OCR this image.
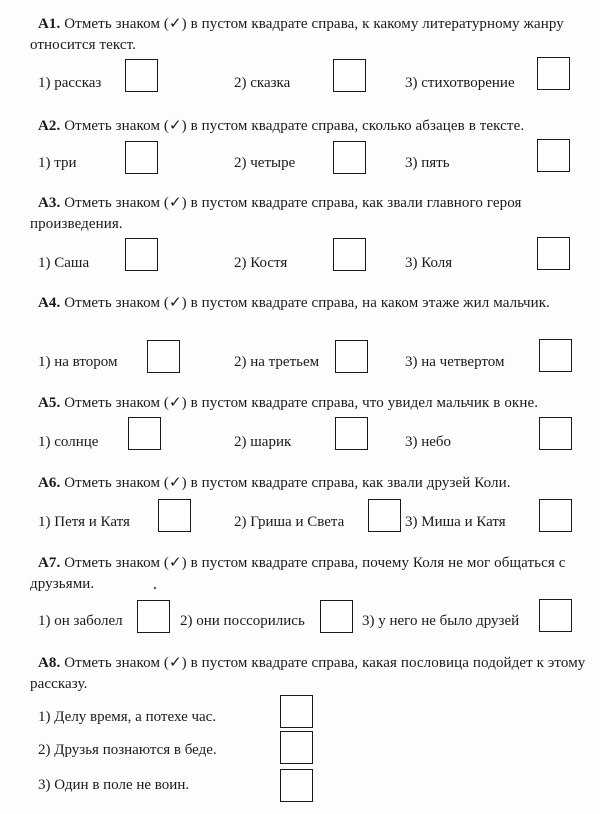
А1. Отметь знаком (✓) в пустом квадрате справа, к какому литературному жанру относится текст.
1) рассказ	2) сказка	3) стихотворение
А2. Отметь знаком (✓) в пустом квадрате справа, сколько абзацев в тексте.
1) три	2) четыре	3) пять
А3. Отметь знаком (✓) в пустом квадрате справа, как звали главного героя произведения.
1) Саша	2) Костя	3) Коля
А4. Отметь знаком (✓) в пустом квадрате справа, на каком этаже жил мальчик.
1) на втором	2) на третьем	3) на четвертом
А5. Отметь знаком (✓) в пустом квадрате справа, что увидел мальчик в окне.
1) солнце	2) шарик	3) небо
А6. Отметь знаком (✓) в пустом квадрате справа, как звали друзей Коли.
1) Петя и Катя	2) Гриша и Света	3) Миша и Катя
А7. Отметь знаком (✓) в пустом квадрате справа, почему Коля не мог общаться с друзьями.
1) он заболел	2) они поссорились	3) у него не было друзей
А8. Отметь знаком (✓) в пустом квадрате справа, какая пословица подойдет к этому рассказу.
1) Делу время, а потехе час.
2) Друзья познаются в беде.
3) Один в поле не воин.
